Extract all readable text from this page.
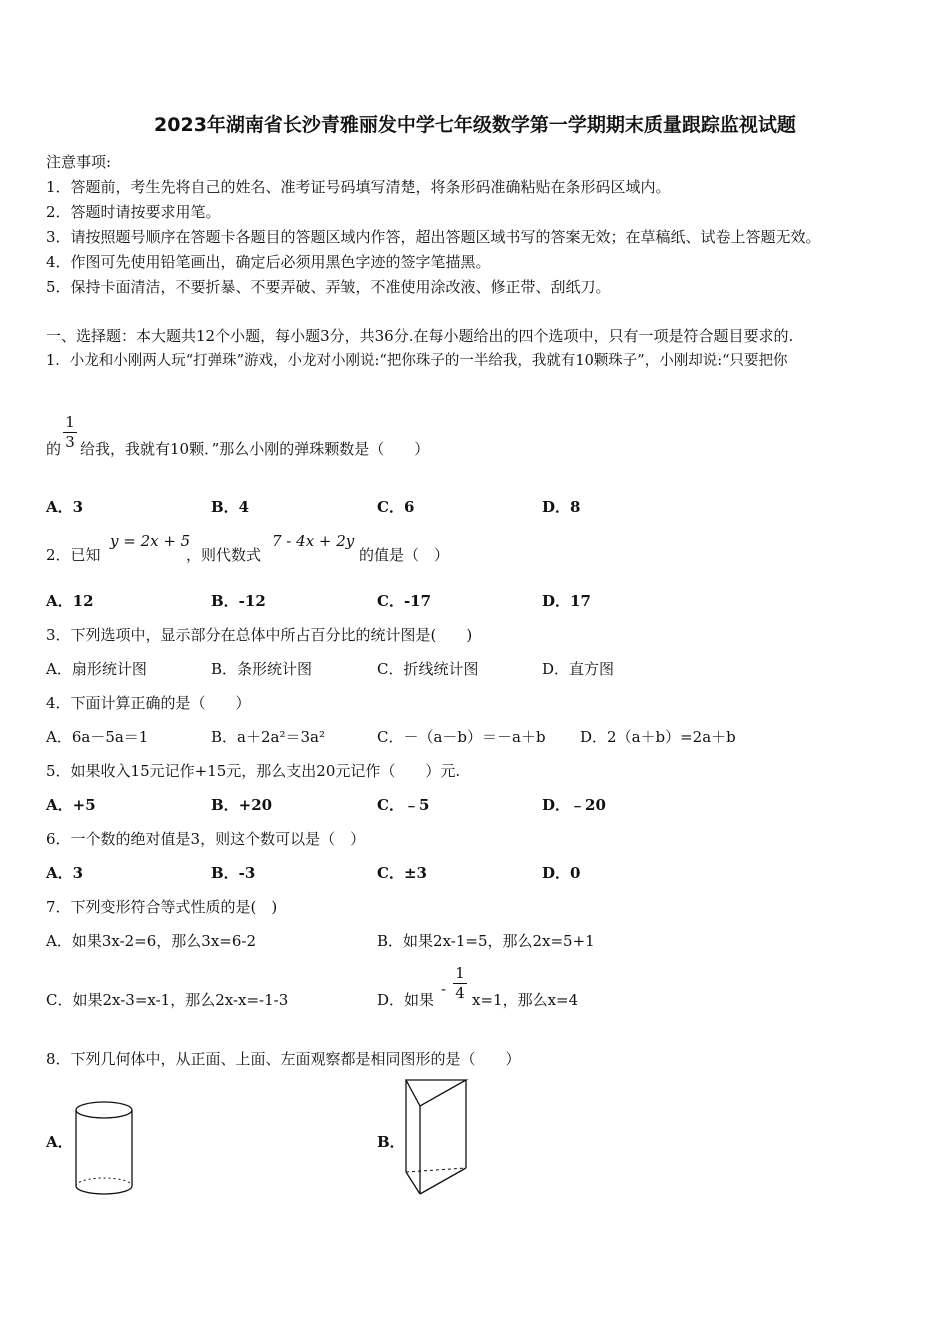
2023年湖南省长沙青雅丽发中学七年级数学第一学期期末质量跟踪监视试题
注意事项:
1．答题前，考生先将自己的姓名、准考证号码填写清楚，将条形码准确粘贴在条形码区域内。
2．答题时请按要求用笔。
3．请按照题号顺序在答题卡各题目的答题区域内作答，超出答题区域书写的答案无效；在草稿纸、试卷上答题无效。
4．作图可先使用铅笔画出，确定后必须用黑色字迹的签字笔描黑。
5．保持卡面清洁，不要折暴、不要弄破、弄皱，不准使用涂改液、修正带、刮纸刀。
一、选择题：本大题共12个小题，每小题3分，共36分.在每小题给出的四个选项中，只有一项是符合题目要求的.
1．小龙和小刚两人玩“打弹珠”游戏，小龙对小刚说:“把你珠子的一半给我，我就有10颗珠子”，小刚却说:“只要把你
的
1
3 给我，我就有10颗．”那么小刚的弹珠颗数是（　　）
A．3	B．4	C．6	D．8
2．已知
y = 2x + 5
，则代数式
7 - 4x + 2y
的值是（　）
A．12	B．-12	C．-17	D．17
3．下列选项中，显示部分在总体中所占百分比的统计图是(　　)
A．扇形统计图	B．条形统计图	C．折线统计图	D．直方图
4．下面计算正确的是（　　）
A．6a－5a＝1	B．a＋2a²＝3a²	C．－（a－b）＝－a＋b D．2（a＋b）=2a＋b
5．如果收入15元记作+15元，那么支出20元记作（　　）元.
A．+5	B．+20	C．﹣5	D．﹣20
6．一个数的绝对值是3，则这个数可以是（　）
A．3	B．-3	C．±3	D．0
7．下列变形符合等式性质的是(　)
A．如果3x-2=6，那么3x=6-2	B．如果2x-1=5，那么2x=5+1
C．如果2x-3=x-1，那么2x-x=-1-3	D．如果
-
1
4 x=1，那么x=4
8．下列几何体中，从正面、上面、左面观察都是相同图形的是（　　）
A．	B．
